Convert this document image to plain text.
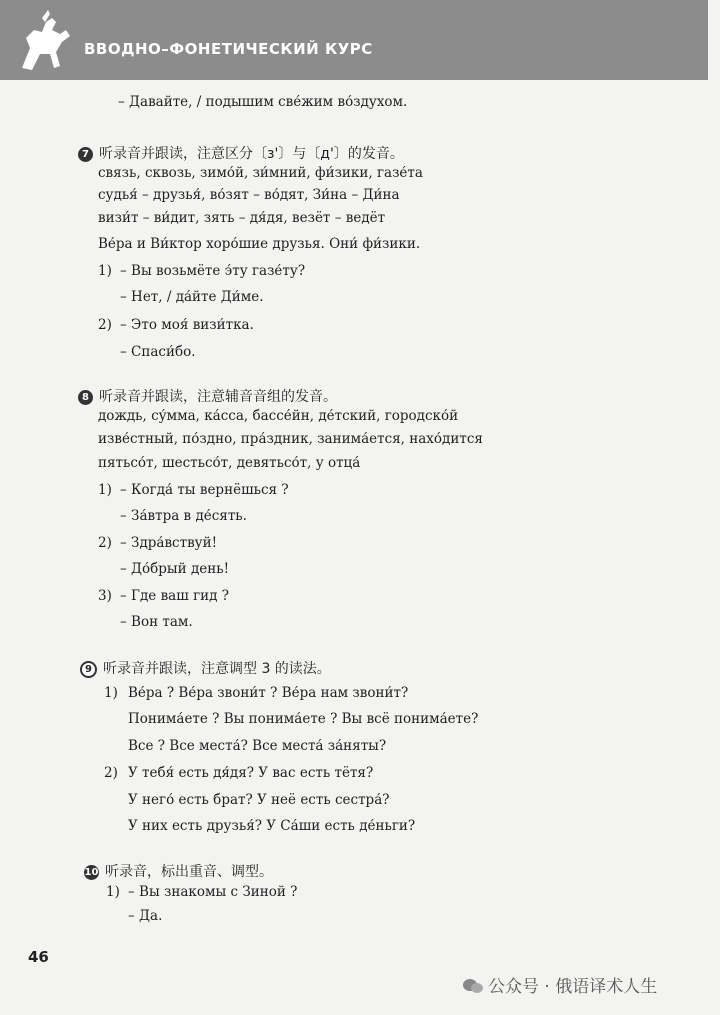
ВВОДНО–ФОНЕТИЧЕСКИЙ КУРС
– Давайте, / подышим све́жим во́здухом.
7 听录音并跟读，注意区分〔з'〕与〔д'〕的发音。
связь, сквозь, зимо́й, зи́мний, фи́зики, газе́та
судья́ – друзья́, во́зят – во́дят, Зи́на – Ди́на
визи́т – ви́дит, зять – дя́дя, везёт – ведёт
Ве́ра и Ви́ктор хоро́шие друзья. Они́ фи́зики.
1) – Вы возьмёте э́ту газе́ту?
– Нет, / да́йте Ди́ме.
2) – Это моя́ визи́тка.
– Спаси́бо.
8 听录音并跟读，注意辅音音组的发音。
дождь, су́мма, ка́сса, бассе́йн, де́тский, городско́й
изве́стный, по́здно, пра́здник, занима́ется, нахо́дится
пятьсо́т, шестьсо́т, девятьсо́т, у отца́
1) – Когда́ ты вернёшься ?
– За́втра в де́сять.
2) – Здра́вствуй!
– До́брый день!
3) – Где ваш гид ?
– Вон там.
9 听录音并跟读，注意调型 3 的读法。
1) Ве́ра ? Ве́ра звони́т ? Ве́ра нам звони́т?
Понима́ете ? Вы понима́ете ? Вы всё понима́ете?
Все ? Все места́? Все места́ за́няты?
2) У тебя́ есть дя́дя? У вас есть тётя?
У него́ есть брат? У неё есть сестра́?
У них есть друзья́? У Са́ши есть де́ньги?
10 听录音，标出重音、调型。
1) – Вы знакомы с Зиной ?
– Да.
46
公众号 · 俄语译术人生
